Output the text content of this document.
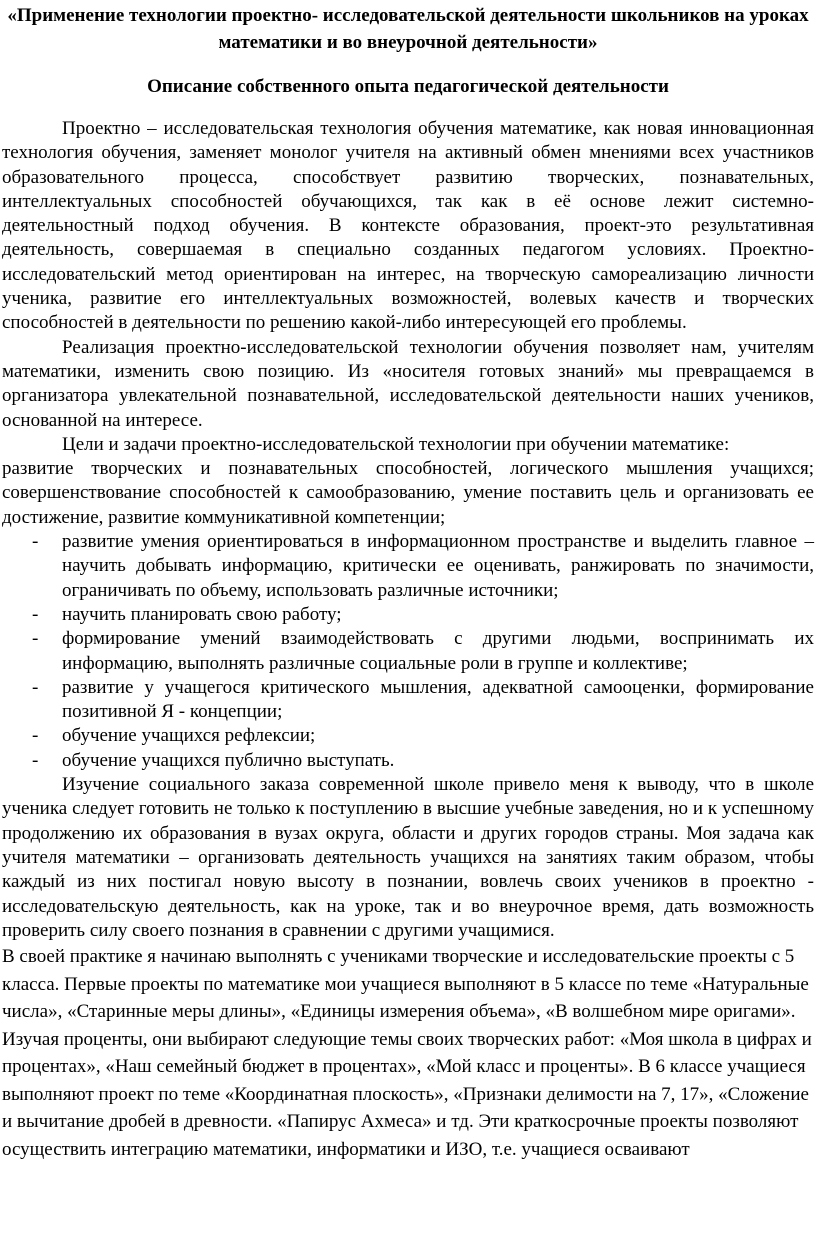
«Применение технологии проектно- исследовательской деятельности школьников на уроках математики и во внеурочной деятельности»
Описание собственного опыта педагогической деятельности

Проектно – исследовательская технология обучения математике, как новая инновационная технология обучения, заменяет монолог учителя на активный обмен мнениями всех участников образовательного процесса, способствует развитию творческих, познавательных, интеллектуальных способностей обучающихся, так как в её основе лежит системно-деятельностный подход обучения. В контексте образования, проект-это результативная деятельность, совершаемая в специально созданных педагогом условиях. Проектно-исследовательский метод ориентирован на интерес, на творческую самореализацию личности ученика, развитие его интеллектуальных возможностей, волевых качеств и творческих способностей в деятельности по решению какой-либо интересующей его проблемы.

Реализация проектно-исследовательской технологии обучения позволяет нам, учителям математики, изменить свою позицию. Из «носителя готовых знаний» мы превращаемся в организатора увлекательной познавательной, исследовательской деятельности наших учеников, основанной на интересе.

Цели и задачи проектно-исследовательской технологии при обучении математике:

развитие творческих и познавательных способностей, логического мышления учащихся; совершенствование способностей к самообразованию, умение поставить цель и организовать ее достижение, развитие коммуникативной компетенции;

- развитие умения ориентироваться в информационном пространстве и выделить главное – научить добывать информацию, критически ее оценивать, ранжировать по значимости, ограничивать по объему, использовать различные источники;
- научить планировать свою работу;
- формирование умений взаимодействовать с другими людьми, воспринимать их информацию, выполнять различные социальные роли в группе и коллективе;
- развитие у учащегося критического мышления, адекватной самооценки, формирование позитивной Я - концепции;
- обучение учащихся рефлексии;
- обучение учащихся публично выступать.

Изучение социального заказа современной школе привело меня к выводу, что в школе ученика следует готовить не только к поступлению в высшие учебные заведения, но и к успешному продолжению их образования в вузах округа, области и других городов страны. Моя задача как учителя математики – организовать деятельность учащихся на занятиях таким образом, чтобы каждый из них постигал новую высоту в познании, вовлечь своих учеников в проектно - исследовательскую деятельность, как на уроке, так и во внеурочное время, дать возможность проверить силу своего познания в сравнении с другими учащимися.

В своей практике я начинаю выполнять с учениками творческие и исследовательские проекты с 5 класса. Первые проекты по математике мои учащиеся выполняют в 5 классе по теме «Натуральные числа», «Старинные меры длины», «Единицы измерения объема», «В волшебном мире оригами». Изучая проценты, они выбирают следующие темы своих творческих работ: «Моя школа в цифрах и процентах», «Наш семейный бюджет в процентах», «Мой класс и проценты». В 6 классе учащиеся выполняют проект по теме «Координатная плоскость», «Признаки делимости на 7, 17», «Сложение и вычитание дробей в древности. «Папирус Ахмеса» и тд. Эти краткосрочные проекты позволяют осуществить интеграцию математики, информатики и ИЗО, т.е. учащиеся осваивают
